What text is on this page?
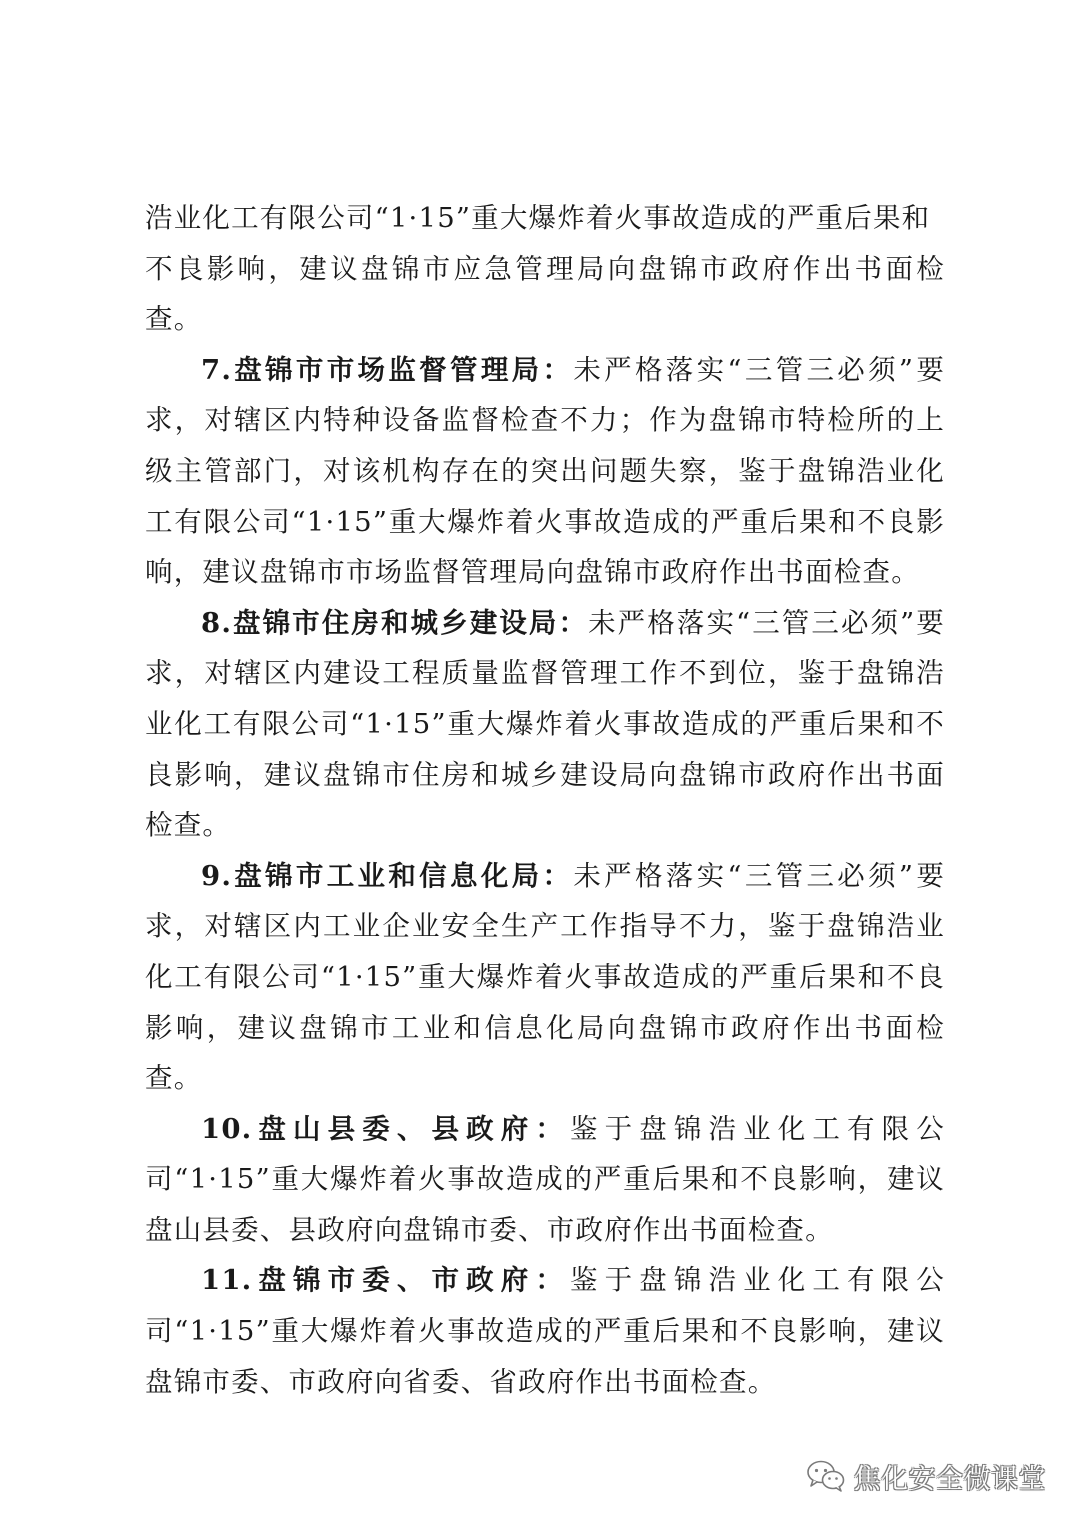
浩业化工有限公司“1·15”重大爆炸着火事故造成的严重后果和
不良影响，建议盘锦市应急管理局向盘锦市政府作出书面检查。

7.盘锦市市场监督管理局：未严格落实“三管三必须”要求，对辖区内特种设备监督检查不力；作为盘锦市特检所的上级主管部门，对该机构存在的突出问题失察，鉴于盘锦浩业化工有限公司“1·15”重大爆炸着火事故造成的严重后果和不良影响，建议盘锦市市场监督管理局向盘锦市政府作出书面检查。

8.盘锦市住房和城乡建设局：未严格落实“三管三必须”要求，对辖区内建设工程质量监督管理工作不到位，鉴于盘锦浩业化工有限公司“1·15”重大爆炸着火事故造成的严重后果和不良影响，建议盘锦市住房和城乡建设局向盘锦市政府作出书面检查。

9.盘锦市工业和信息化局：未严格落实“三管三必须”要求，对辖区内工业企业安全生产工作指导不力，鉴于盘锦浩业化工有限公司“1·15”重大爆炸着火事故造成的严重后果和不良影响，建议盘锦市工业和信息化局向盘锦市政府作出书面检查。

10.盘山县委、县政府：鉴于盘锦浩业化工有限公司“1·15”重大爆炸着火事故造成的严重后果和不良影响，建议盘山县委、县政府向盘锦市委、市政府作出书面检查。

11.盘锦市委、市政府：鉴于盘锦浩业化工有限公司“1·15”重大爆炸着火事故造成的严重后果和不良影响，建议盘锦市委、市政府向省委、省政府作出书面检查。

焦化安全微课堂
